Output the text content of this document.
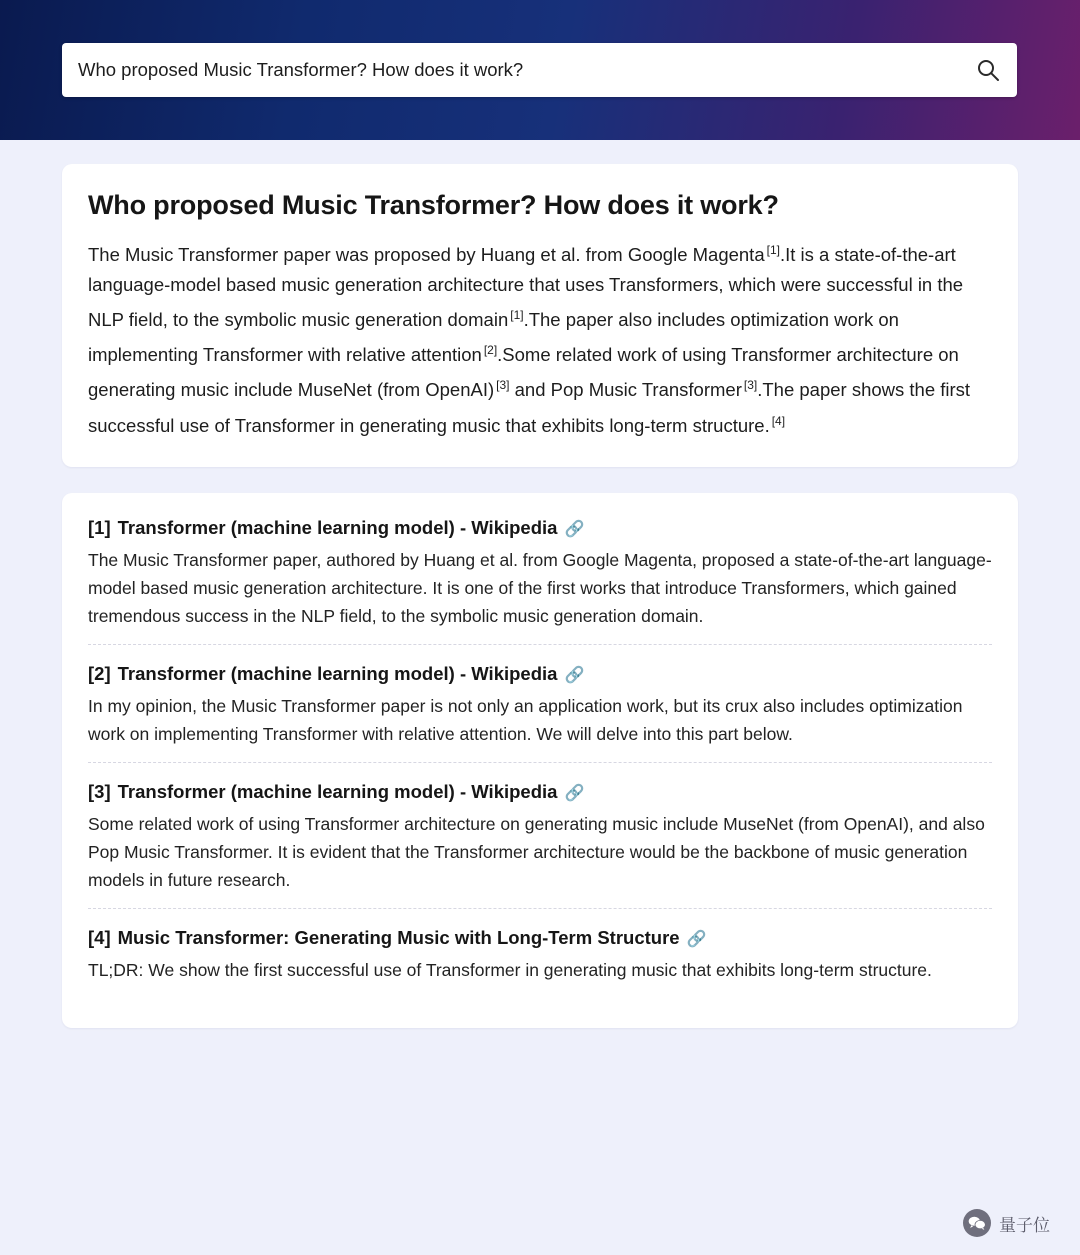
Who proposed Music Transformer? How does it work?
Who proposed Music Transformer? How does it work?
The Music Transformer paper was proposed by Huang et al. from Google Magenta [1].It is a state-of-the-art language-model based music generation architecture that uses Transformers, which were successful in the NLP field, to the symbolic music generation domain [1].The paper also includes optimization work on implementing Transformer with relative attention [2].Some related work of using Transformer architecture on generating music include MuseNet (from OpenAI) [3] and Pop Music Transformer [3].The paper shows the first successful use of Transformer in generating music that exhibits long-term structure. [4]
[1] Transformer (machine learning model) - Wikipedia 🔗
The Music Transformer paper, authored by Huang et al. from Google Magenta, proposed a state-of-the-art language-model based music generation architecture. It is one of the first works that introduce Transformers, which gained tremendous success in the NLP field, to the symbolic music generation domain.
[2] Transformer (machine learning model) - Wikipedia 🔗
In my opinion, the Music Transformer paper is not only an application work, but its crux also includes optimization work on implementing Transformer with relative attention. We will delve into this part below.
[3] Transformer (machine learning model) - Wikipedia 🔗
Some related work of using Transformer architecture on generating music include MuseNet (from OpenAI), and also Pop Music Transformer. It is evident that the Transformer architecture would be the backbone of music generation models in future research.
[4] Music Transformer: Generating Music with Long-Term Structure 🔗
TL;DR: We show the first successful use of Transformer in generating music that exhibits long-term structure.
量子位
